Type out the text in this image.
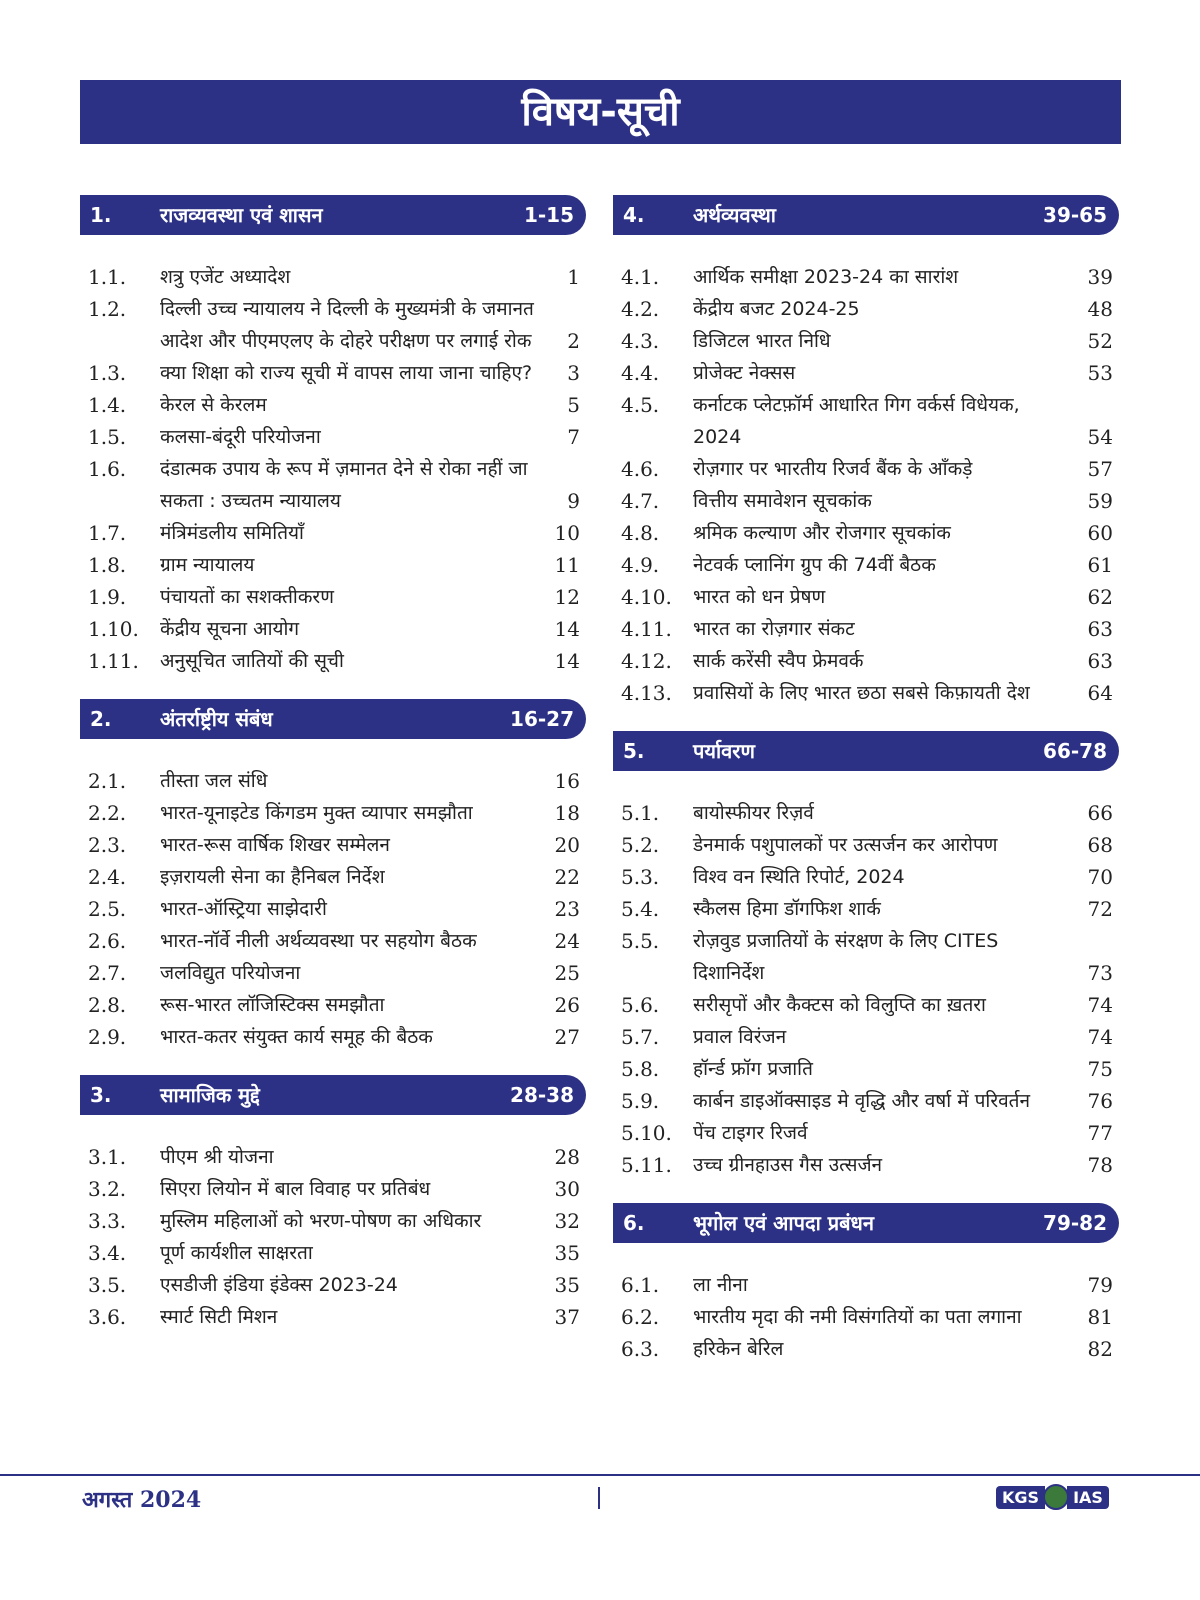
विषय-सूची
1. राजव्यवस्था एवं शासन	1-15
1.1.	शत्रु एजेंट अध्यादेश	1
1.2.	दिल्ली उच्च न्यायालय ने दिल्ली के मुख्यमंत्री के जमानत आदेश और पीएमएलए के दोहरे परीक्षण पर लगाई रोक	2
1.3.	क्या शिक्षा को राज्य सूची में वापस लाया जाना चाहिए?	3
1.4.	केरल से केरलम	5
1.5.	कलसा-बंदूरी परियोजना	7
1.6.	दंडात्मक उपाय के रूप में ज़मानत देने से रोका नहीं जा सकता : उच्चतम न्यायालय	9
1.7.	मंत्रिमंडलीय समितियाँ	10
1.8.	ग्राम न्यायालय	11
1.9.	पंचायतों का सशक्तीकरण	12
1.10.	केंद्रीय सूचना आयोग	14
1.11.	अनुसूचित जातियों की सूची	14
2. अंतर्राष्ट्रीय संबंध	16-27
2.1.	तीस्ता जल संधि	16
2.2.	भारत-यूनाइटेड किंगडम मुक्त व्यापार समझौता	18
2.3.	भारत-रूस वार्षिक शिखर सम्मेलन	20
2.4.	इज़रायली सेना का हैनिबल निर्देश	22
2.5.	भारत-ऑस्ट्रिया साझेदारी	23
2.6.	भारत-नॉर्वे नीली अर्थव्यवस्था पर सहयोग बैठक	24
2.7.	जलविद्युत परियोजना	25
2.8.	रूस-भारत लॉजिस्टिक्स समझौता	26
2.9.	भारत-कतर संयुक्त कार्य समूह की बैठक	27
3. सामाजिक मुद्दे	28-38
3.1.	पीएम श्री योजना	28
3.2.	सिएरा लियोन में बाल विवाह पर प्रतिबंध	30
3.3.	मुस्लिम महिलाओं को भरण-पोषण का अधिकार	32
3.4.	पूर्ण कार्यशील साक्षरता	35
3.5.	एसडीजी इंडिया इंडेक्स 2023-24	35
3.6.	स्मार्ट सिटी मिशन	37
4. अर्थव्यवस्था	39-65
4.1.	आर्थिक समीक्षा 2023-24 का सारांश	39
4.2.	केंद्रीय बजट 2024-25	48
4.3.	डिजिटल भारत निधि	52
4.4.	प्रोजेक्ट नेक्सस	53
4.5.	कर्नाटक प्लेटफ़ॉर्म आधारित गिग वर्कर्स विधेयक, 2024	54
4.6.	रोज़गार पर भारतीय रिजर्व बैंक के आँकड़े	57
4.7.	वित्तीय समावेशन सूचकांक	59
4.8.	श्रमिक कल्याण और रोजगार सूचकांक	60
4.9.	नेटवर्क प्लानिंग ग्रुप की 74वीं बैठक	61
4.10.	भारत को धन प्रेषण	62
4.11.	भारत का रोज़गार संकट	63
4.12.	सार्क करेंसी स्वैप फ्रेमवर्क	63
4.13.	प्रवासियों के लिए भारत छठा सबसे किफ़ायती देश	64
5. पर्यावरण	66-78
5.1.	बायोस्फीयर रिज़र्व	66
5.2.	डेनमार्क पशुपालकों पर उत्सर्जन कर आरोपण	68
5.3.	विश्व वन स्थिति रिपोर्ट, 2024	70
5.4.	स्कैलस हिमा डॉगफिश शार्क	72
5.5.	रोज़वुड प्रजातियों के संरक्षण के लिए CITES दिशानिर्देश	73
5.6.	सरीसृपों और कैक्टस को विलुप्ति का ख़तरा	74
5.7.	प्रवाल विरंजन	74
5.8.	हॉर्न्ड फ्रॉग प्रजाति	75
5.9.	कार्बन डाइऑक्साइड मे वृद्धि और वर्षा में परिवर्तन	76
5.10.	पेंच टाइगर रिजर्व	77
5.11.	उच्च ग्रीनहाउस गैस उत्सर्जन	78
6. भूगोल एवं आपदा प्रबंधन	79-82
6.1.	ला नीना	79
6.2.	भारतीय मृदा की नमी विसंगतियों का पता लगाना	81
6.3.	हरिकेन बेरिल	82
अगस्त 2024	KGS	IAS
